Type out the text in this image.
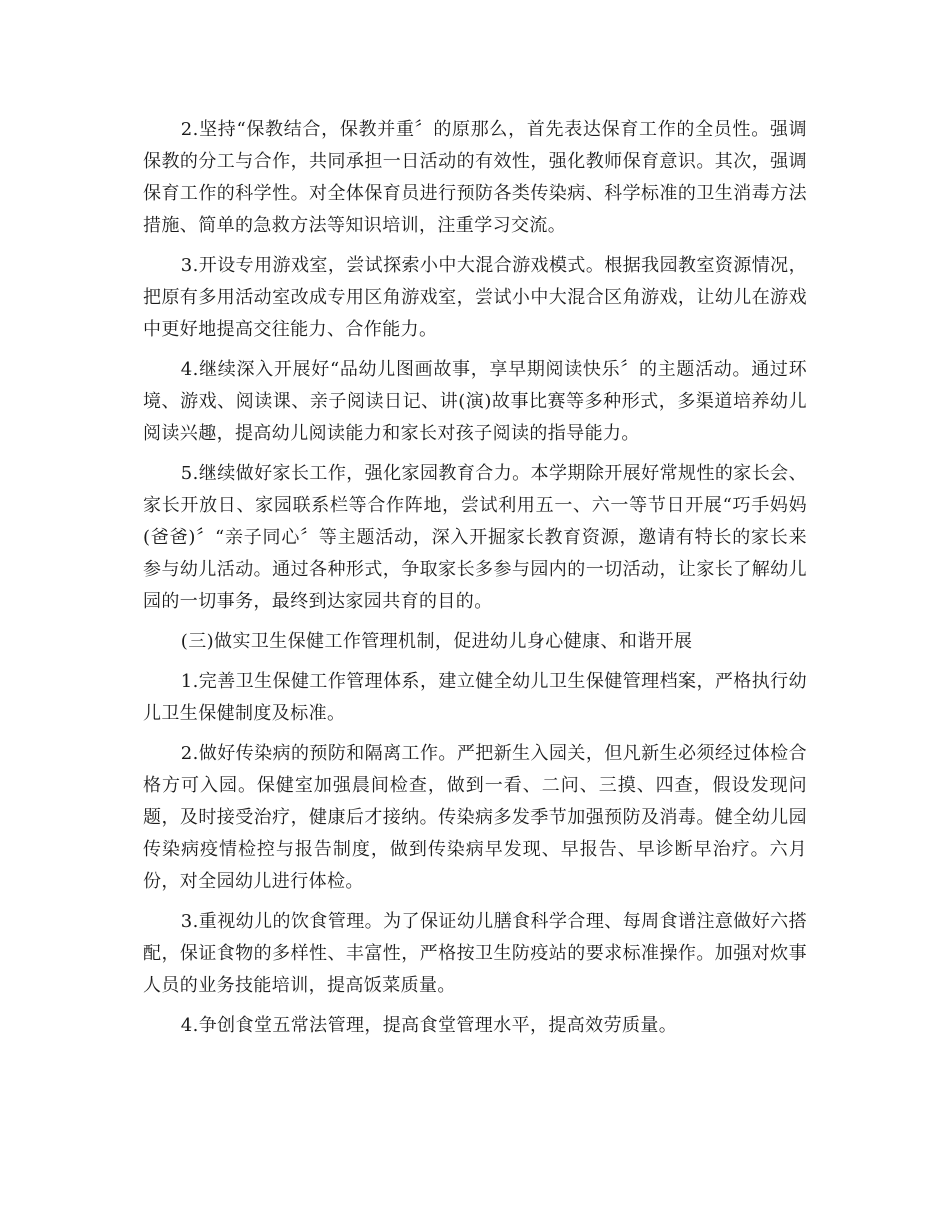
2.坚持“保教结合，保教并重〞的原那么，首先表达保育工作的全员性。强调保教的分工与合作，共同承担一日活动的有效性，强化教师保育意识。其次，强调保育工作的科学性。对全体保育员进行预防各类传染病、科学标准的卫生消毒方法措施、简单的急救方法等知识培训，注重学习交流。

3.开设专用游戏室，尝试探索小中大混合游戏模式。根据我园教室资源情况，把原有多用活动室改成专用区角游戏室，尝试小中大混合区角游戏，让幼儿在游戏中更好地提高交往能力、合作能力。

4.继续深入开展好“品幼儿图画故事，享早期阅读快乐〞的主题活动。通过环境、游戏、阅读课、亲子阅读日记、讲(演)故事比赛等多种形式，多渠道培养幼儿阅读兴趣，提高幼儿阅读能力和家长对孩子阅读的指导能力。

5.继续做好家长工作，强化家园教育合力。本学期除开展好常规性的家长会、家长开放日、家园联系栏等合作阵地，尝试利用五一、六一等节日开展“巧手妈妈(爸爸)〞“亲子同心〞等主题活动，深入开掘家长教育资源，邀请有特长的家长来参与幼儿活动。通过各种形式，争取家长多参与园内的一切活动，让家长了解幼儿园的一切事务，最终到达家园共育的目的。

(三)做实卫生保健工作管理机制，促进幼儿身心健康、和谐开展

1.完善卫生保健工作管理体系，建立健全幼儿卫生保健管理档案，严格执行幼儿卫生保健制度及标准。

2.做好传染病的预防和隔离工作。严把新生入园关，但凡新生必须经过体检合格方可入园。保健室加强晨间检查，做到一看、二问、三摸、四查，假设发现问题，及时接受治疗，健康后才接纳。传染病多发季节加强预防及消毒。健全幼儿园传染病疫情检控与报告制度，做到传染病早发现、早报告、早诊断早治疗。六月份，对全园幼儿进行体检。

3.重视幼儿的饮食管理。为了保证幼儿膳食科学合理、每周食谱注意做好六搭配，保证食物的多样性、丰富性，严格按卫生防疫站的要求标准操作。加强对炊事人员的业务技能培训，提高饭菜质量。

4.争创食堂五常法管理，提高食堂管理水平，提高效劳质量。
